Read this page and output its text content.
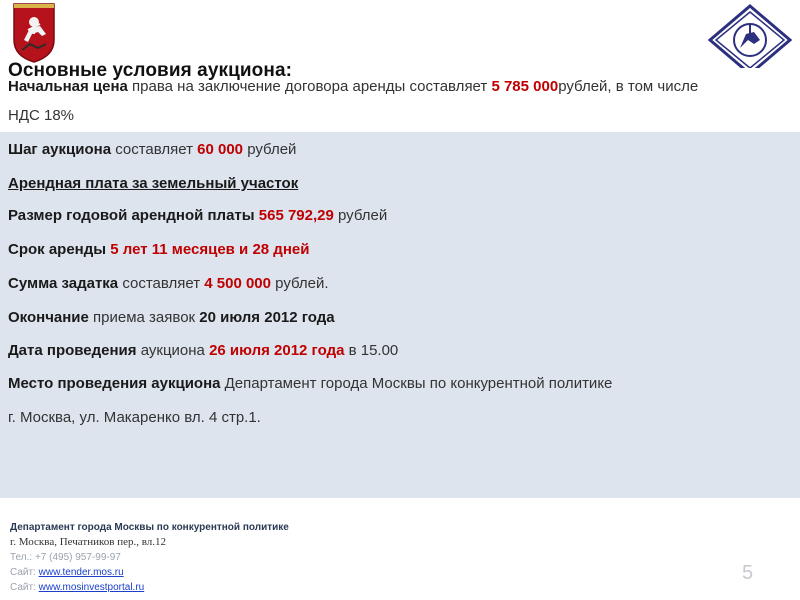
Основные условия аукциона:
Начальная цена права на заключение договора аренды составляет 5 785 000рублей, в том числе
НДС 18%
Шаг аукциона составляет 60 000 рублей
Арендная плата за земельный участок
Размер годовой арендной платы 565 792,29 рублей
Срок аренды 5 лет 11 месяцев и 28 дней
Сумма задатка составляет 4 500 000 рублей.
Окончание приема заявок 20 июля 2012 года
Дата проведения аукциона 26 июля 2012 года в 15.00
Место проведения аукциона Департамент города Москвы по конкурентной политике
г. Москва, ул. Макаренко вл. 4 стр.1.
Департамент города Москвы по конкурентной политике
г. Москва, Печатников пер., вл.12
Тел.: +7 (495) 957-99-97
Сайт: www.tender.mos.ru
Сайт: www.mosinvestportal.ru
5
